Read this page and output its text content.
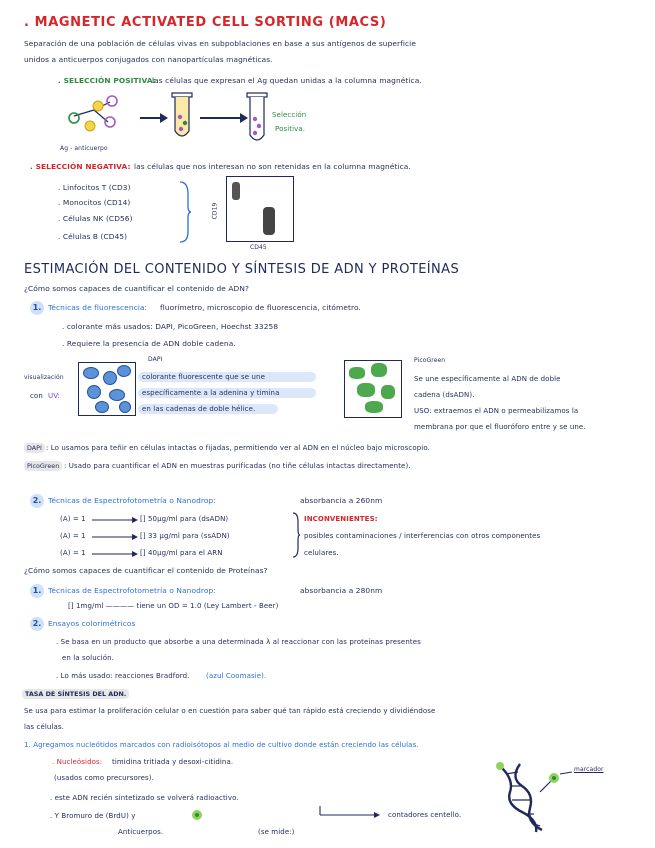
. MAGNETIC ACTIVATED CELL SORTING (MACS)
Separación de una población de células vivas en subpoblaciones en base a sus antígenos de superficie
unidos a anticuerpos conjugados con nanopartículas magnéticas.
. SELECCIÓN POSITIVA:
las células que expresan el Ag quedan unidas a la columna magnética.
Ag - anticuerpo
Selección
Positiva.
. SELECCIÓN NEGATIVA: las células que nos interesan no son retenidas en la columna magnética.
. Linfocitos T (CD3)
. Monocitos (CD14)
. Células NK (CD56)
. Células B (CD45)
CD19
CD45
ESTIMACIÓN DEL CONTENIDO Y SÍNTESIS DE ADN Y PROTEÍNAS
¿Cómo somos capaces de cuantificar el contenido de ADN?
1. Técnicas de fluorescencia: fluorímetro, microscopio de fluorescencia, citómetro.
. colorante más usados: DAPI, PicoGreen, Hoechst 33258
. Requiere la presencia de ADN doble cadena.
visualización
con UV:
DAPI
colorante fluorescente que se une
específicamente a la adenina y timina
en las cadenas de doble hélice.
PicoGreen
Se une específicamente al ADN de doble
cadena (dsADN).
USO: extraemos el ADN o permeabilizamos la
membrana por que el fluoróforo entre y se une.
DAPI : Lo usamos para teñir en células intactas o fijadas, permitiendo ver al ADN en el núcleo bajo microscopio.
PicoGreen : Usado para cuantificar el ADN en muestras purificadas (no tiñe células intactas directamente).
2. Técnicas de Espectrofotometría o Nanodrop:	absorbancia a 260nm
(A) = 1	[] 50µg/ml para (dsADN)
(A) = 1	[] 33 µg/ml para (ssADN)
(A) = 1	[] 40µg/ml para el ARN
INCONVENIENTES:
posibles contaminaciones / interferencias con otros componentes
celulares.
¿Cómo somos capaces de cuantificar el contenido de Proteínas?
1. Técnicas de Espectrofotometría o Nanodrop:	absorbancia a 280nm
[] 1mg/ml ———— tiene un OD = 1.0 (Ley Lambert - Beer)
2. Ensayos colorimétricos
. Se basa en un producto que absorbe a una determinada λ al reaccionar con las proteínas presentes
en la solución.
. Lo más usado: reacciones Bradford. (azul Coomasie).
TASA DE SÍNTESIS DEL ADN.
Se usa para estimar la proliferación celular o en cuestión para saber qué tan rápido está creciendo y dividiéndose
las células.
1. Agregamos nucleótidos marcados con radioisótopos al medio de cultivo donde están creciendo las células.
. Nucleósidos: timidina tritiada y desoxi-citidina.
(usados como precursores).
. este ADN recién sintetizado se volverá radioactivo.
. Y Bromuro de (BrdU) y
Anticuerpos.	(se mide:)
contadores centello.
marcador
